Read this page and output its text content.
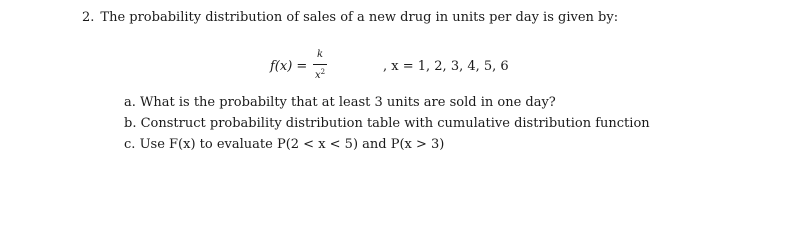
2. The probability distribution of sales of a new drug in units per day is given by:
f(x) =
k
$x^2$	, x = 1, 2, 3, 4, 5, 6
a. What is the probabilty that at least 3 units are sold in one day?
b. Construct probability distribution table with cumulative distribution function
c. Use F(x) to evaluate P(2 < x < 5) and P(x > 3)
